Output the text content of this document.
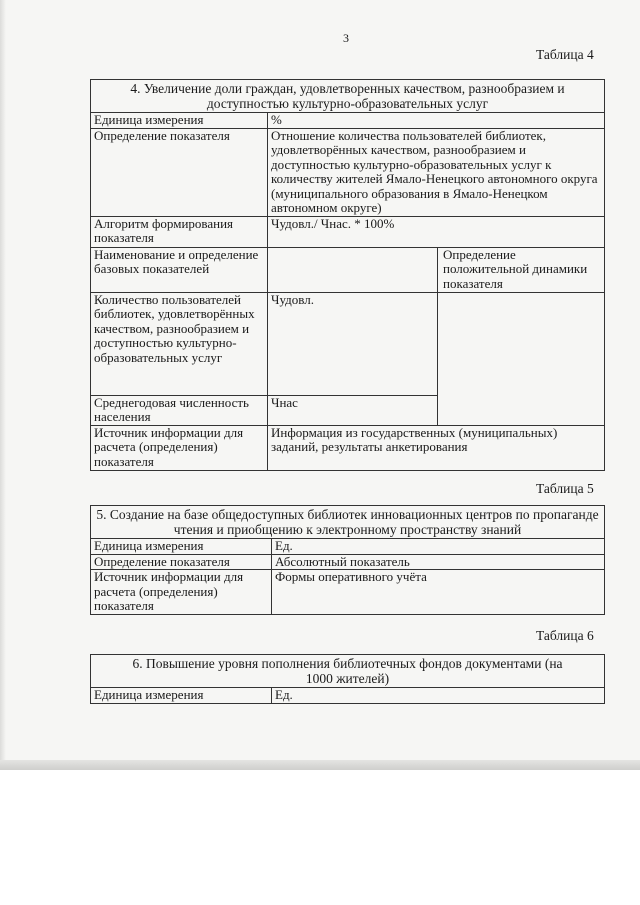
3
Таблица 4
4. Увеличение доли граждан, удовлетворенных качеством, разнообразием и доступностью культурно-образовательных услуг		
Единица измерения	%	
Определение показателя	Отношение количества пользователей библиотек, удовлетворённых качеством, разнообразием и доступностью культурно-образовательных услуг к количеству жителей Ямало-Ненецкого автономного округа (муниципального образования в Ямало-Ненецком автономном округе)	
Алгоритм формирования показателя	Чудовл./ Чнас. * 100%	
Наименование и определение базовых показателей		Определение положительной динамики показателя
Количество пользователей библиотек, удовлетворённых качеством, разнообразием и доступностью культурно-образовательных услуг	Чудовл.	
Среднегодовая численность населения	Чнас	
Источник информации для расчета (определения) показателя	Информация из государственных (муниципальных) заданий, результаты анкетирования	
Таблица 5
5. Создание на базе общедоступных библиотек инновационных центров по пропаганде чтения и приобщению к электронному пространству знаний	
Единица измерения	Ед.
Определение показателя	Абсолютный показатель
Источник информации для расчета (определения) показателя	Формы оперативного учёта
Таблица 6
6. Повышение уровня пополнения библиотечных фондов документами (на 1000 жителей)
Единица измерения	Ед.
